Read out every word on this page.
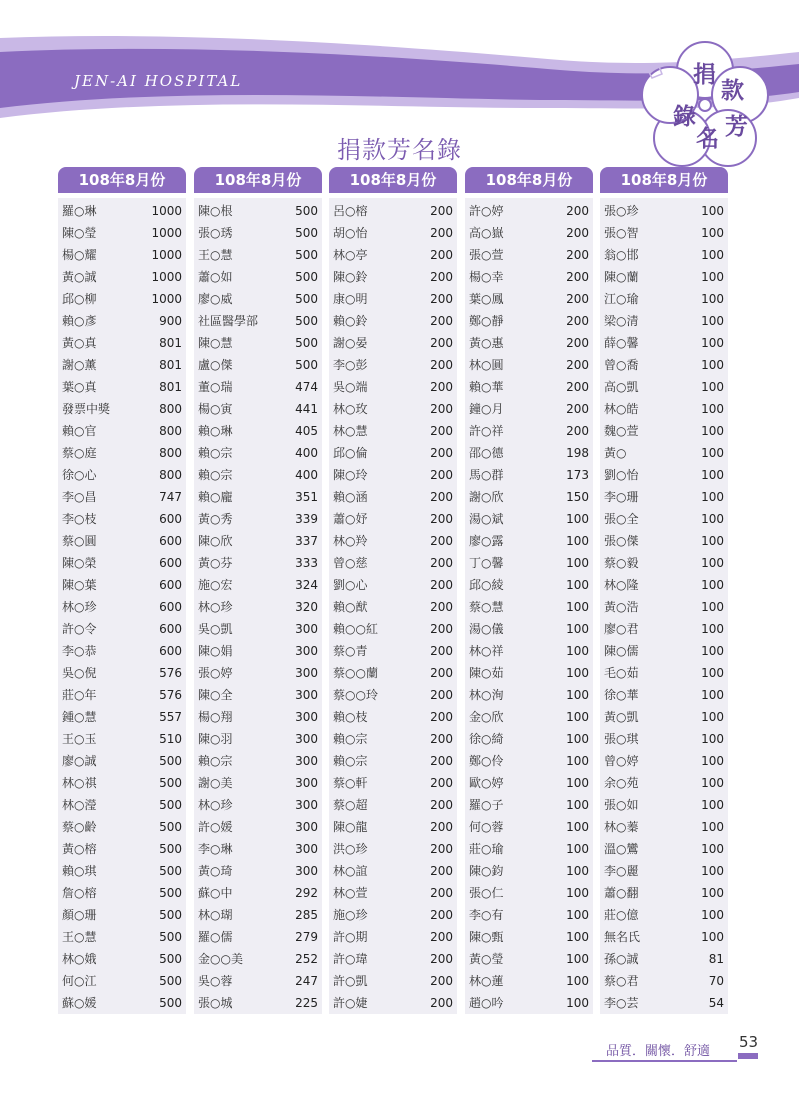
JEN-AI HOSPITAL	捐
款
錄
名 芳
捐款芳名錄
108年8月份
羅○琳	1000
陳○瑩	1000
楊○耀	1000
黃○誠	1000
邱○柳	1000
賴○彥	900
黃○真	801
謝○薰	801
葉○真	801
發票中獎	800
賴○官	800
蔡○庭	800
徐○心	800
李○昌	747
李○枝	600
蔡○圓	600
陳○榮	600
陳○葉	600
林○珍	600
許○令	600
李○恭	600
吳○倪	576
莊○年	576
鍾○慧	557
王○玉	510
廖○誠	500
林○祺	500
林○瀅	500
蔡○齡	500
黃○榕	500
賴○琪	500
詹○榕	500
顏○珊	500
王○慧	500
林○娥	500
何○江	500
蘇○媛	500
108年8月份
陳○根	500
張○琇	500
王○慧	500
蕭○如	500
廖○威	500
社區醫學部	500
陳○慧	500
盧○傑	500
董○瑞	474
楊○寅	441
賴○琳	405
賴○宗	400
賴○宗	400
賴○龐	351
黃○秀	339
陳○欣	337
黃○芬	333
施○宏	324
林○珍	320
吳○凱	300
陳○娟	300
張○婷	300
陳○全	300
楊○翔	300
陳○羽	300
賴○宗	300
謝○美	300
林○珍	300
許○媛	300
李○琳	300
黃○琦	300
蘇○中	292
林○瑚	285
羅○儒	279
金○○美	252
吳○蓉	247
張○城	225
108年8月份
呂○榕	200
胡○怡	200
林○亭	200
陳○鈴	200
康○明	200
賴○鈴	200
謝○晏	200
李○彭	200
吳○端	200
林○玫	200
林○慧	200
邱○倫	200
陳○玲	200
賴○涵	200
蕭○妤	200
林○羚	200
曾○慈	200
劉○心	200
賴○猷	200
賴○○紅	200
蔡○青	200
蔡○○蘭	200
蔡○○玲	200
賴○枝	200
賴○宗	200
賴○宗	200
蔡○軒	200
蔡○超	200
陳○龍	200
洪○珍	200
林○誼	200
林○萱	200
施○珍	200
許○期	200
許○瑋	200
許○凱	200
許○婕	200
108年8月份
許○婷	200
高○嶽	200
張○萱	200
楊○幸	200
葉○鳳	200
鄭○靜	200
黃○惠	200
林○圓	200
賴○華	200
鐘○月	200
許○祥	200
邵○德	198
馬○群	173
謝○欣	150
湯○斌	100
廖○露	100
丁○馨	100
邱○綾	100
蔡○慧	100
湯○儀	100
林○祥	100
陳○茹	100
林○洵	100
金○欣	100
徐○綺	100
鄭○伶	100
歐○婷	100
羅○子	100
何○蓉	100
莊○瑜	100
陳○鈞	100
張○仁	100
李○有	100
陳○甄	100
黃○瑩	100
林○蓮	100
趙○吟	100
108年8月份
張○珍	100
張○智	100
翁○邯	100
陳○蘭	100
江○瑜	100
梁○清	100
薛○馨	100
曾○喬	100
高○凱	100
林○皓	100
魏○萱	100
黃○	100
劉○怡	100
李○珊	100
張○全	100
張○傑	100
蔡○毅	100
林○隆	100
黃○浩	100
廖○君	100
陳○儒	100
毛○茹	100
徐○華	100
黃○凱	100
張○琪	100
曾○婷	100
余○苑	100
張○如	100
林○蓁	100
溫○鸞	100
李○麗	100
蕭○翻	100
莊○億	100
無名氏	100
孫○誠	81
蔡○君	70
李○芸	54
品質．關懷．舒適
53
